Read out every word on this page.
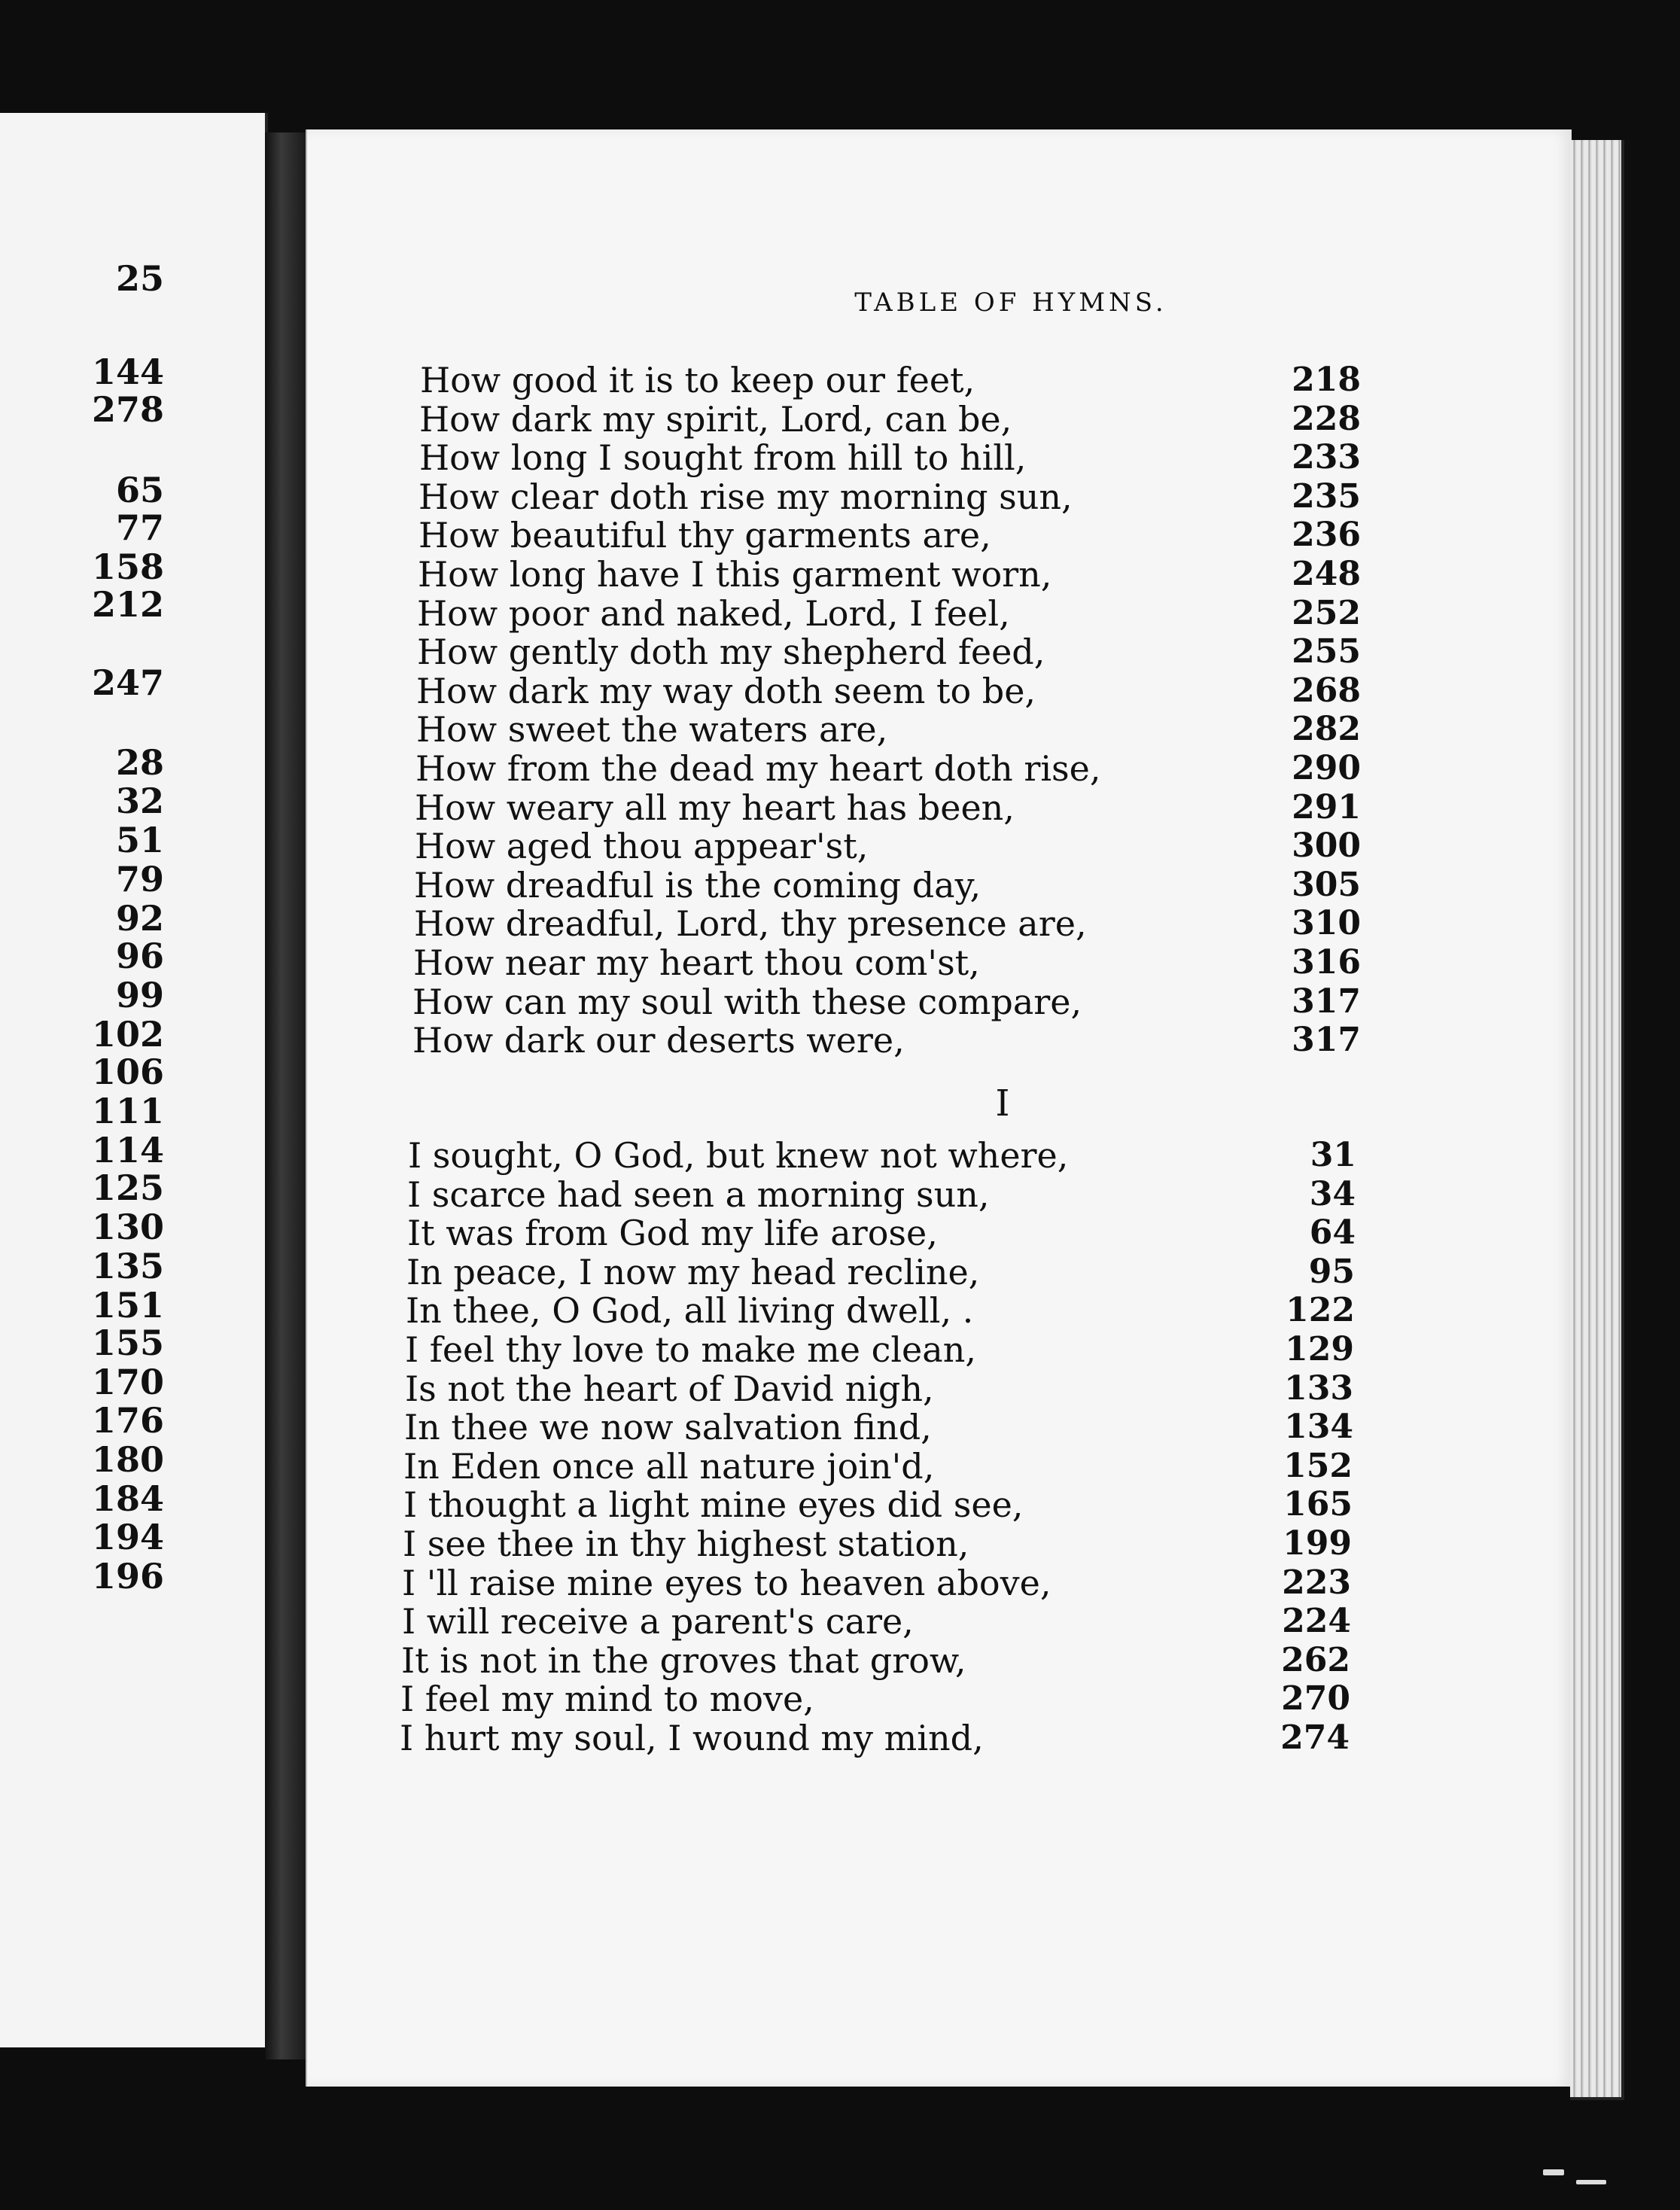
25
144
278
65
77
158
212
247
28
32
51
79
92
96
99
102
106
111
114
125
130
135
151
155
170
176
180
184
194
196
TABLE OF HYMNS.
How good it is to keep our feet,	218
How dark my spirit, Lord, can be,	228
How long I sought from hill to hill,	233
How clear doth rise my morning sun,	235
How beautiful thy garments are,	236
How long have I this garment worn,	248
How poor and naked, Lord, I feel,	252
How gently doth my shepherd feed,	255
How dark my way doth seem to be,	268
How sweet the waters are,	282
How from the dead my heart doth rise,	290
How weary all my heart has been,	291
How aged thou appear'st,	300
How dreadful is the coming day,	305
How dreadful, Lord, thy presence are,	310
How near my heart thou com'st,	316
How can my soul with these compare,	317
How dark our deserts were,	317
I
I sought, O God, but knew not where,	31
I scarce had seen a morning sun,	34
It was from God my life arose,	64
In peace, I now my head recline,	95
In thee, O God, all living dwell, .	122
I feel thy love to make me clean,	129
Is not the heart of David nigh,	133
In thee we now salvation find,	134
In Eden once all nature join'd,	152
I thought a light mine eyes did see,	165
I see thee in thy highest station,	199
I 'll raise mine eyes to heaven above,	223
I will receive a parent's care,	224
It is not in the groves that grow,	262
I feel my mind to move,	270
I hurt my soul, I wound my mind,	274
